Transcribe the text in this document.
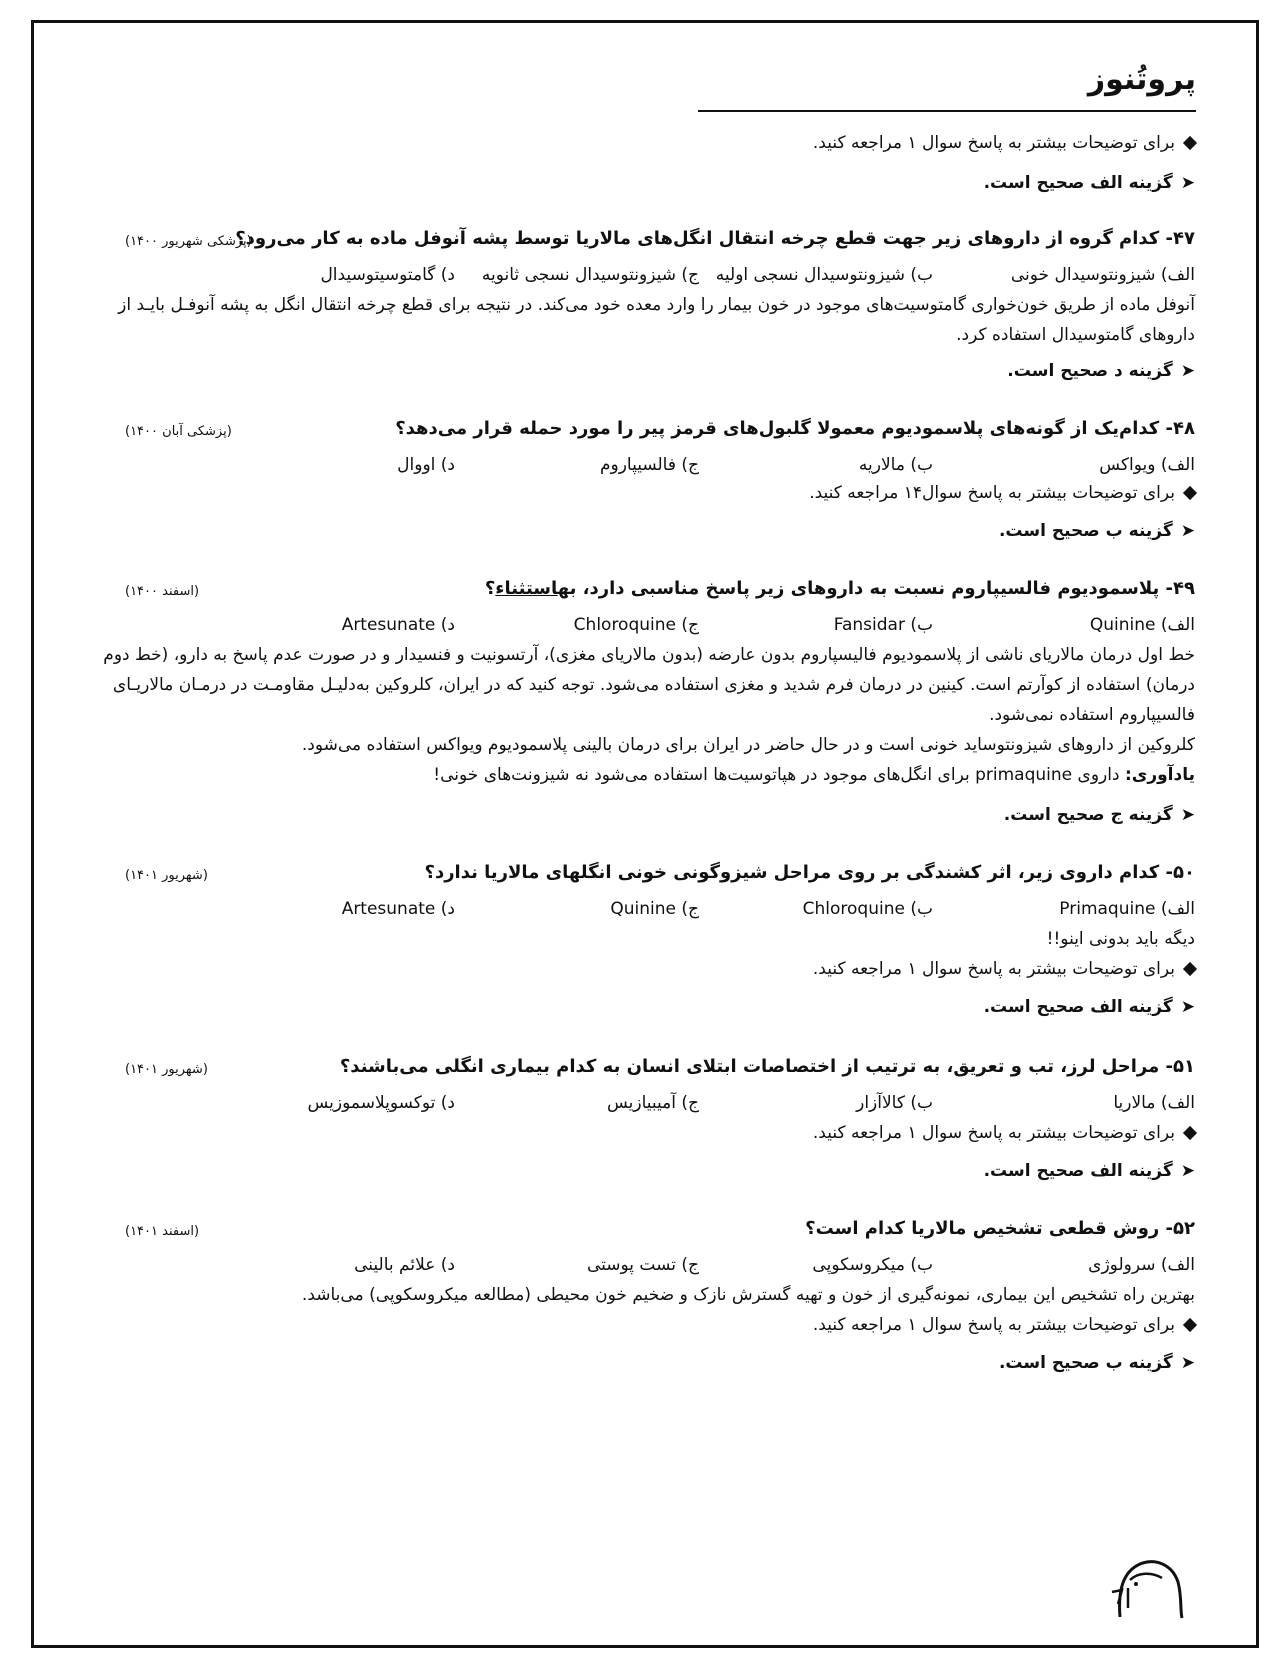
پروتُنوز
برای توضیحات بیشتر به پاسخ سوال ۱ مراجعه کنید.
➤گزینه الف صحیح است.
۴۷- کدام گروه از داروهای زیر جهت قطع چرخه انتقال انگل‌های مالاریا توسط پشه آنوفل ماده به کار می‌رود؟
(پزشکی شهریور ۱۴۰۰)
الف) شیزونتوسیدال خونی
ب) شیزونتوسیدال نسجی اولیه
ج) شیزونتوسیدال نسجی ثانویه
د) گامتوسیتوسیدال
آنوفل ماده از طریق خون‌خواری گامتوسیت‌های موجود در خون بیمار را وارد معده خود می‌کند. در نتیجه برای قطع چرخه انتقال انگل به پشه آنوفـل بایـد از
داروهای گامتوسیدال استفاده کرد.
➤گزینه د صحیح است.
۴۸- کدام‌یک از گونه‌های پلاسمودیوم معمولا گلبول‌های قرمز پیر را مورد حمله قرار می‌دهد؟
(پزشکی آبان ۱۴۰۰)
الف) ویواکس
ب) مالاریه
ج) فالسیپاروم
د) اووال
برای توضیحات بیشتر به پاسخ سوال۱۴ مراجعه کنید.
➤گزینه ب صحیح است.
۴۹- پلاسمودیوم فالسیپاروم نسبت به داروهای زیر پاسخ مناسبی دارد، بهاستثناء؟
(اسفند ۱۴۰۰)
الف) Quinine
ب) Fansidar
ج) Chloroquine
د) Artesunate
خط اول درمان مالاریای ناشی از پلاسمودیوم فالیسپاروم بدون عارضه (بدون مالاریای مغزی)، آرتسونیت و فنسیدار و در صورت عدم پاسخ به دارو، (خط دوم
درمان) استفاده از کوآرتم است. کینین در درمان فرم شدید و مغزی استفاده می‌شود. توجه کنید که در ایران، کلروکین به‌دلیـل مقاومـت در درمـان مالاریـای
فالسیپاروم استفاده نمی‌شود.
کلروکین از داروهای شیزونتوساید خونی است و در حال حاضر در ایران برای درمان بالینی پلاسمودیوم ویواکس استفاده می‌شود.
یادآوری: داروی primaquine برای انگل‌های موجود در هپاتوسیت‌ها استفاده می‌شود نه شیزونت‌های خونی!
➤گزینه ج صحیح است.
۵۰- کدام داروی زیر، اثر کشندگی بر روی مراحل شیزوگونی خونی انگلهای مالاریا ندارد؟
(شهریور ۱۴۰۱)
الف) Primaquine
ب) Chloroquine
ج) Quinine
د) Artesunate
دیگه باید بدونی اینو!!
برای توضیحات بیشتر به پاسخ سوال ۱ مراجعه کنید.
➤گزینه الف صحیح است.
۵۱- مراحل لرز، تب و تعریق، به ترتیب از اختصاصات ابتلای انسان به کدام بیماری انگلی می‌باشند؟
(شهریور ۱۴۰۱)
الف) مالاریا
ب) کالاآزار
ج) آمیبیازیس
د) توکسوپلاسموزیس
برای توضیحات بیشتر به پاسخ سوال ۱ مراجعه کنید.
➤گزینه الف صحیح است.
۵۲- روش قطعی تشخیص مالاریا کدام است؟
(اسفند ۱۴۰۱)
الف) سرولوژی
ب) میکروسکوپی
ج) تست پوستی
د) علائم بالینی
بهترین راه تشخیص این بیماری، نمونه‌گیری از خون و تهیه گسترش نازک و ضخیم خون محیطی (مطالعه میکروسکوپی) می‌باشد.
برای توضیحات بیشتر به پاسخ سوال ۱ مراجعه کنید.
➤گزینه ب صحیح است.
